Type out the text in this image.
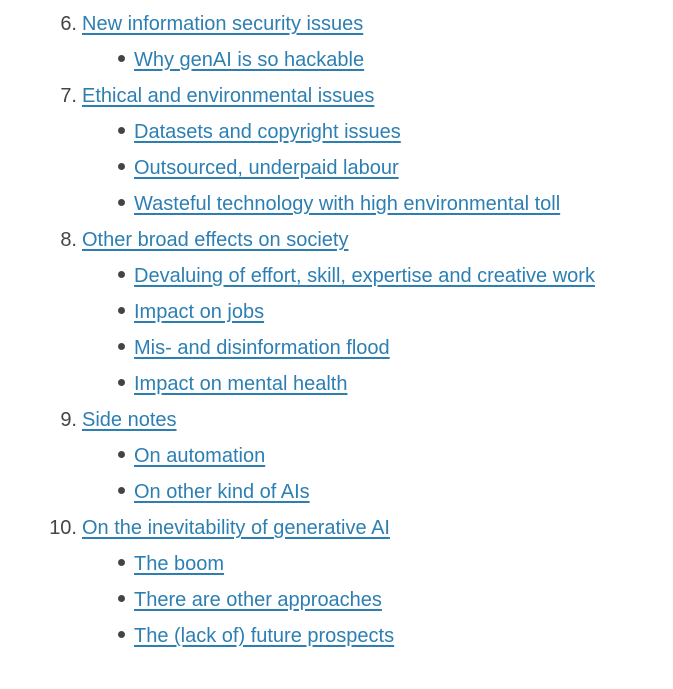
6. New information security issues
Why genAI is so hackable
7. Ethical and environmental issues
Datasets and copyright issues
Outsourced, underpaid labour
Wasteful technology with high environmental toll
8. Other broad effects on society
Devaluing of effort, skill, expertise and creative work
Impact on jobs
Mis- and disinformation flood
Impact on mental health
9. Side notes
On automation
On other kind of AIs
10. On the inevitability of generative AI
The boom
There are other approaches
The (lack of) future prospects
